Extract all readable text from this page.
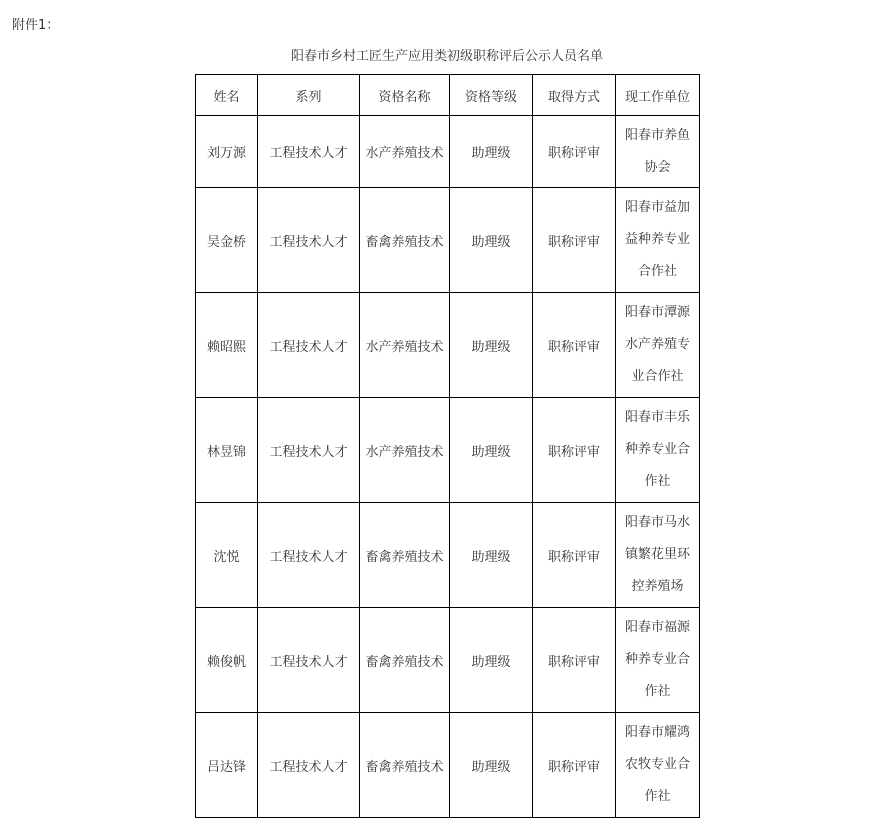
附件1：
阳春市乡村工匠生产应用类初级职称评后公示人员名单
姓名	系列	资格名称	资格等级	取得方式	现工作单位
刘万源	工程技术人才	水产养殖技术	助理级	职称评审	阳春市养鱼协会

吴金桥	工程技术人才	畜禽养殖技术	助理级	职称评审	阳春市益加益种养专业合作社

赖昭熙	工程技术人才	水产养殖技术	助理级	职称评审	阳春市潭源水产养殖专业合作社

林昱锦	工程技术人才	水产养殖技术	助理级	职称评审	阳春市丰乐种养专业合作社

沈悦	工程技术人才	畜禽养殖技术	助理级	职称评审	阳春市马水镇繁花里环控养殖场

赖俊帆	工程技术人才	畜禽养殖技术	助理级	职称评审	阳春市福源种养专业合作社

吕达锋	工程技术人才	畜禽养殖技术	助理级	职称评审	阳春市耀鸿农牧专业合作社
